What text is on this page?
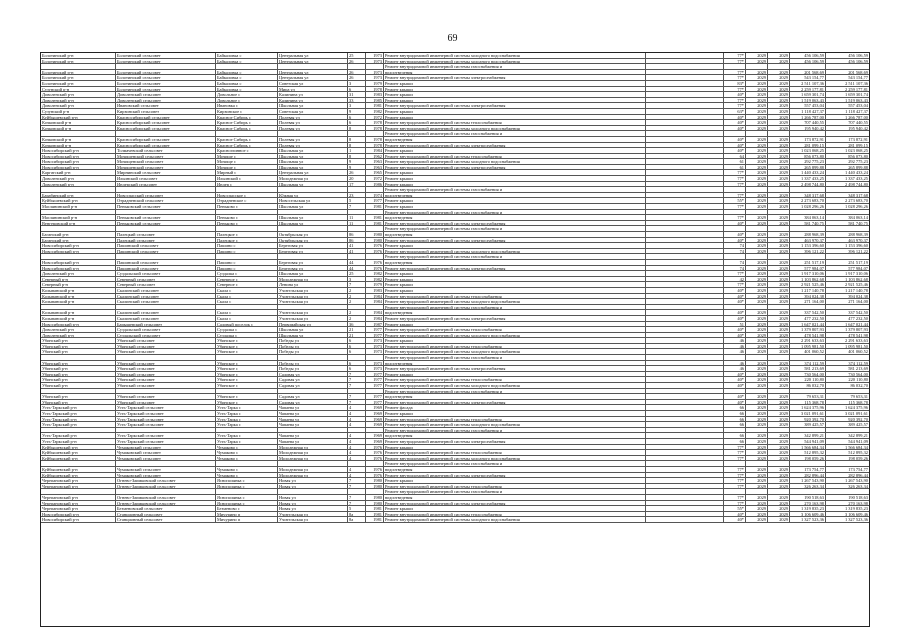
69
Болотинский р-н	Болотинский сельсовет	Байкаловка с	Центральная ул	25	1973 Ремонт внутридомовой инженерной системы холодного водоснабжения	77*	2029	2029	456 106,59	456 106,59
Болотинский р-н	Болотинский сельсовет	Байкаловка с	Центральная ул	26	1973 Ремонт внутридомовой инженерной системы холодного водоснабжения	77*	2029	2029	456 106,59	456 106,59
Ремонт внутридомовой инженерной системы газоснабжения и
Болотинский р-н	Болотинский сельсовет	Байкаловка с	Центральная ул	26	1973 водоотведения	77*	2029	2029	201 568,69	201 568,69
Болотинский р-н	Болотинский сельсовет	Байкаловка с	Центральная ул	26	1973 Ремонт внутридомовой инженерной системы электроснабжения	77*	2029	2029	543 154,77	543 154,77
Болотинский р-н	Болотинский сельсовет	Байкаловка с	Советская ул	3	1979 Ремонт крыши	83*	2029	2029	2 511 107,36	2 511 107,36
Сузунский р-н	Болотинский сельсовет	Байкаловка с	Мира ул	6	1978 Ремонт крыши	77*	2029	2029	2 259 177,81	2 259 177,81
Доволенский р-н	Доволенский сельсовет	Довольное с	Калинина ул	31	1983 Ремонт крыши	40*	2029	2029	1 659 301,74	1 659 301,74
Доволенский р-н	Доволенский сельсовет	Довольное с	Калинина ул	33	1985 Ремонт крыши	77*	2029	2029	1 519 063,43	1 519 063,43
Доволенский р-н	Ивановский сельсовет	Ивановка с	Школьная ул	3	1981 Ремонт внутридомовой инженерной системы электроснабжения	77*	2029	2029	557 453,04	557 453,04
Сузунский р-н	Кирзинский сельсовет	Кирзинское с	Советская ул	9	1982 Ремонт крыши	63*	2029	2029	1 118 427,37	1 118 427,37
Куйбышевский р-н	Красносибирский сельсовет	Красное Сибирь с	Полевая ул	6	1972 Ремонт крыши	40*	2029	2029	1 266 787,00	1 266 787,00
Кочковский р-н	Красносибирский сельсовет	Красное Сибирь с	Полевая ул	6	1978 Ремонт внутридомовой инженерной системы теплоснабжения	40*	2029	2029	707 440,55	707 440,55
Кочковский р-н	Красносибирский сельсовет	Красное Сибирь с	Полевая ул	8	1978 Ремонт внутридомовой инженерной системы холодного водоснабжения	40*	2029	2029	195 940,42	195 940,42
Ремонт внутридомовой инженерной системы газоснабжения и
Кочковский р-н	Красносибирский сельсовет	Красное Сибирь с	Полевая ул	8	1978 водоотведения	40*	2029	2029	173 872,91	173 872,91
Кочковский р-н	Красносибирский сельсовет	Красное Сибирь с	Полевая ул	8	1978 Ремонт внутридомовой инженерной системы электроснабжения	40*	2029	2029	281 099,15	281 099,15
Новосибирский р-н	Толмачевский сельсовет	Красноглинное с	Школьная ул	1	1984 Ремонт крыши	40*	2029	2029	1 023 068,25	1 023 068,25
Новосибирский р-н	Мочищенский сельсовет	Мочище с	Школьная ул	8	1962 Ремонт внутридомовой инженерной системы теплоснабжения	64	2029	2029	856 073,80	856 073,80
Новосибирский р-н	Мочищенский сельсовет	Мочище с	Школьная ул	9	1963 Ремонт внутридомовой инженерной системы холодного водоснабжения	61	2029	2029	292 775,23	292 775,23
Новосибирский р-н	Мочищенский сельсовет	Мочище с	Школьная ул	9	1963 Ремонт внутридомовой инженерной системы электроснабжения	61	2029	2029	265 899,88	265 899,88
Каргатский р-н	Мирнинский сельсовет	Мирный с	Центральная ул	26	1965 Ремонт крыши	77*	2029	2029	1 440 433,24	1 440 433,24
Доволенский р-н	Ильинский сельсовет	Ильинский с	Молодежная ул	20	1972 Ремонт крыши	77*	2029	2029	1 337 433,25	1 337 433,25
Доволенский р-н	Индерский сельсовет	Индер с	Школьная ул	17	1986 Ремонт крыши	77*	2029	2029	2 498 744,80	2 498 744,80
Ремонт внутридомовой инженерной системы газоснабжения и
Барабинский р-н	Новоспасский сельсовет	Новоспасское с	Южная ул	23	1974 водоотведения	77*	2029	2029	348 317,68	348 317,68
Куйбышевский р-н	Отрадненский сельсовет	Отрадненское с	Новосельская ул	5	1977 Ремонт крыши	55*	2029	2029	2 273 683,70	2 273 683,70
Маслянинский р-н	Пеньковский сельсовет	Пеньково с	Школьная ул	7	1981 Ремонт крыши	77*	2029	2029	1 028 296,26	1 028 296,26
Ремонт внутридомовой инженерной системы газоснабжения и
Маслянинский р-н	Пеньковский сельсовет	Пеньково с	Школьная ул	11	1981 водоотведения	77*	2029	2029	384 063,14	384 063,14
Венгеровский р-н	Пеньковский сельсовет	Пеньково с	Школьная ул	11	1981 Ремонт внутридомовой инженерной системы электроснабжения	40*	2029	2029	581 740,75	581 740,75
Ремонт внутридомовой инженерной системы газоснабжения и
Баганский р-н	Палецкий сельсовет	Палецкое с	Октябрьская ул	86	1980 водоотведения	40*	2029	2029	288 968,39	288 968,39
Баганский р-н	Палецкий сельсовет	Палецкое с	Октябрьская ул	86	1980 Ремонт внутридомовой инженерной системы электроснабжения	40*	2029	2029	463 970,37	463 970,37
Новосибирский р-н	Пашинский сельсовет	Пашино с	Береговая ул	41	1976 Ремонт крыши	74	2029	2029	1 153 396,60	1 153 396,60
Новосибирский р-н	Пашинский сельсовет	Пашино с	Береговая ул	41	1976 Ремонт внутридомовой инженерной системы холодного водоснабжения	74	2029	2029	396 121,22	396 121,22
Ремонт внутридомовой инженерной системы газоснабжения и
Новосибирский р-н	Пашинский сельсовет	Пашино с	Береговая ул	44	1976 водоотведения	74	2029	2029	251 517,19	251 517,19
Новосибирский р-н	Пашинский сельсовет	Пашино с	Береговая ул	44	1976 Ремонт внутридомовой инженерной системы электроснабжения	74	2029	2029	577 984,07	577 984,07
Доволенский р-н	Суздальский сельсовет	Суздалка с	Школьная ул	25	1982 Ремонт крыши	77*	2029	2029	1 917 310,06	1 917 310,06
Северный р-н	Северный сельсовет	Северное с	Молодежная ул	3	1982 Ремонт крыши	42	2029	2029	1 103 862,68	1 103 862,68
Северный р-н	Северный сельсовет	Северное с	Ленина ул	7	1979 Ремонт крыши	77*	2029	2029	2 921 525,46	2 921 525,46
Колыванский р-н	Скалинский сельсовет	Скала с	Учительская ул	2	1983 Ремонт крыши	40*	2029	2029	1 217 140,78	1 217 140,78
Колыванский р-н	Скалинский сельсовет	Скала с	Учительская ул	2	1984 Ремонт внутридомовой инженерной системы теплоснабжения	40*	2029	2029	394 024,38	394 024,38
Колыванский р-н	Скалинский сельсовет	Скала с	Учительская ул	2	1984 Ремонт внутридомовой инженерной системы холодного водоснабжения	40*	2029	2029	271 164,00	271 164,00
Ремонт внутридомовой инженерной системы газоснабжения и
Колыванский р-н	Скалинский сельсовет	Скала с	Учительская ул	2	1984 водоотведения	40*	2029	2029	337 542,50	337 542,50
Колыванский р-н	Скалинский сельсовет	Скала с	Учительская ул	2	1984 Ремонт внутридомовой инженерной системы электроснабжения	40*	2029	2029	477 232,50	477 232,50
Новосибирский р-н	Барышевский сельсовет	Садовый поселок с	Первомайская ул	36	1987 Ремонт крыши	51	2029	2029	1 647 021,44	1 647 021,44
Доволенский р-н	Суздальский сельсовет	Суздалка с	Школьная ул	21	1977 Ремонт внутридомовой инженерной системы теплоснабжения	40*	2029	2029	1 379 807,93	1 379 807,93
Доволенский р-н	Суздальский сельсовет	Суздалка с	Школьная ул	21	1977 Ремонт внутридомовой инженерной системы холодного водоснабжения	40*	2029	2029	478 541,98	478 541,98
Убинский р-н	Убинский сельсовет	Убинское с	Победы ул	6	1973 Ремонт крыши	46	2029	2029	2 291 633,63	2 291 633,63
Убинский р-н	Убинский сельсовет	Убинское с	Победы ул	6	1973 Ремонт внутридомовой инженерной системы теплоснабжения	46	2029	2029	1 095 981,50	1 095 981,50
Убинский р-н	Убинский сельсовет	Убинское с	Победы ул	6	1973 Ремонт внутридомовой инженерной системы холодного водоснабжения	46	2029	2029	401 060,52	401 060,52
Ремонт внутридомовой инженерной системы газоснабжения и
Убинский р-н	Убинский сельсовет	Убинское с	Победы ул	6	1973 водоотведения	46	2029	2029	374 112,59	374 112,59
Убинский р-н	Убинский сельсовет	Убинское с	Победы ул	6	1973 Ремонт внутридомовой инженерной системы электроснабжения	46	2029	2029	581 213,69	581 213,69
Убинский р-н	Убинский сельсовет	Убинское с	Садовая ул	7	1977 Ремонт крыши	40*	2029	2029	730 564,00	730 564,00
Убинский р-н	Убинский сельсовет	Убинское с	Садовая ул	7	1977 Ремонт внутридомовой инженерной системы теплоснабжения	40*	2029	2029	220 110,80	220 110,80
Убинский р-н	Убинский сельсовет	Убинское с	Садовая ул	7	1977 Ремонт внутридомовой инженерной системы холодного водоснабжения	40*	2029	2029	86 032,70	86 032,70
Ремонт внутридомовой инженерной системы газоснабжения и
Убинский р-н	Убинский сельсовет	Убинское с	Садовая ул	7	1977 водоотведения	40*	2029	2029	79 653,31	79 653,31
Убинский р-н	Убинский сельсовет	Убинское с	Садовая ул	7	1977 Ремонт внутридомовой инженерной системы электроснабжения	40*	2029	2029	115 368,78	115 368,78
Усть-Таркский р-н	Усть-Таркский сельсовет	Усть-Тарка с	Чапаева ул	4	1969 Ремонт фасада	66	2029	2029	1 624 375,96	1 624 375,96
Усть-Таркский р-н	Усть-Таркский сельсовет	Усть-Тарка с	Чапаева ул	4	1969 Ремонт крыши	66	2029	2029	3 021 091,61	3 021 091,61
Усть-Таркский р-н	Усть-Таркский сельсовет	Усть-Тарка с	Чапаева ул	4	1969 Ремонт внутридомовой инженерной системы теплоснабжения	66	2029	2029	920 392,70	920 392,70
Усть-Таркский р-н	Усть-Таркский сельсовет	Усть-Тарка с	Чапаева ул	4	1969 Ремонт внутридомовой инженерной системы холодного водоснабжения	66	2029	2029	389 425,57	389 425,57
Ремонт внутридомовой инженерной системы газоснабжения и
Усть-Таркский р-н	Усть-Таркский сельсовет	Усть-Тарка с	Чапаева ул	4	1969 водоотведения	66	2029	2029	342 899,21	342 899,21
Усть-Таркский р-н	Усть-Таркский сельсовет	Усть-Тарка с	Чапаева ул	4	1969 Ремонт внутридомовой инженерной системы электроснабжения	66	2029	2029	544 941,09	544 941,09
Куйбышевский р-н	Чумаковский сельсовет	Чумаково с	Молодежная ул	4	1976 Ремонт крыши	77*	2029	2029	1 566 684,34	1 566 684,34
Куйбышевский р-н	Чумаковский сельсовет	Чумаково с	Молодежная ул	4	1976 Ремонт внутридомовой инженерной системы теплоснабжения	77*	2029	2029	512 895,32	512 895,32
Куйбышевский р-н	Чумаковский сельсовет	Чумаково с	Молодежная ул	4	1976 Ремонт внутридомовой инженерной системы холодного водоснабжения	77*	2029	2029	198 059,26	198 059,26
Ремонт внутридомовой инженерной системы газоснабжения и
Куйбышевский р-н	Чумаковский сельсовет	Чумаково с	Молодежная ул	4	1976 водоотведения	77*	2029	2029	173 754,77	173 754,77
Куйбышевский р-н	Чумаковский сельсовет	Чумаково с	Молодежная ул	4	1976 Ремонт внутридомовой инженерной системы электроснабжения	77*	2029	2029	282 896,44	282 896,44
Черепановский р-н	Огнево-Заимковский сельсовет	Яснополянка с	Новая ул	7	1980 Ремонт крыши	77*	2029	2029	1 267 543,90	1 267 543,90
Черепановский р-н	Огнево-Заимковский сельсовет	Яснополянка с	Новая ул	7	1980 Ремонт внутридомовой инженерной системы теплоснабжения	77*	2029	2029	326 263,34	326 263,34
Ремонт внутридомовой инженерной системы газоснабжения и
Черепановский р-н	Огнево-Заимковский сельсовет	Яснополянка с	Новая ул	7	1980 водоотведения	77*	2029	2029	190 518,63	190 518,63
Черепановский р-н	Огнево-Заимковский сельсовет	Яснополянка с	Новая ул	7	1980 Ремонт внутридомовой инженерной системы электроснабжения	77*	2029	2029	270 163,98	270 163,98
Черепановский р-н	Безменовский сельсовет	Безменово с	Новая ул	5	1981 Ремонт крыши	55*	2029	2029	1 319 835,23	1 319 835,23
Новосибирский р-н	Станционный сельсовет	Мичурино п	Учительская ул	8а	1981 Ремонт внутридомовой инженерной системы теплоснабжения	40*	2029	2029	3 106 609,46	3 106 609,46
Новосибирский р-н	Станционный сельсовет	Мичурино п	Учительская ул	8а	1981 Ремонт внутридомовой инженерной системы холодного водоснабжения	40*	2029	2029	1 327 523,36	1 327 523,36
